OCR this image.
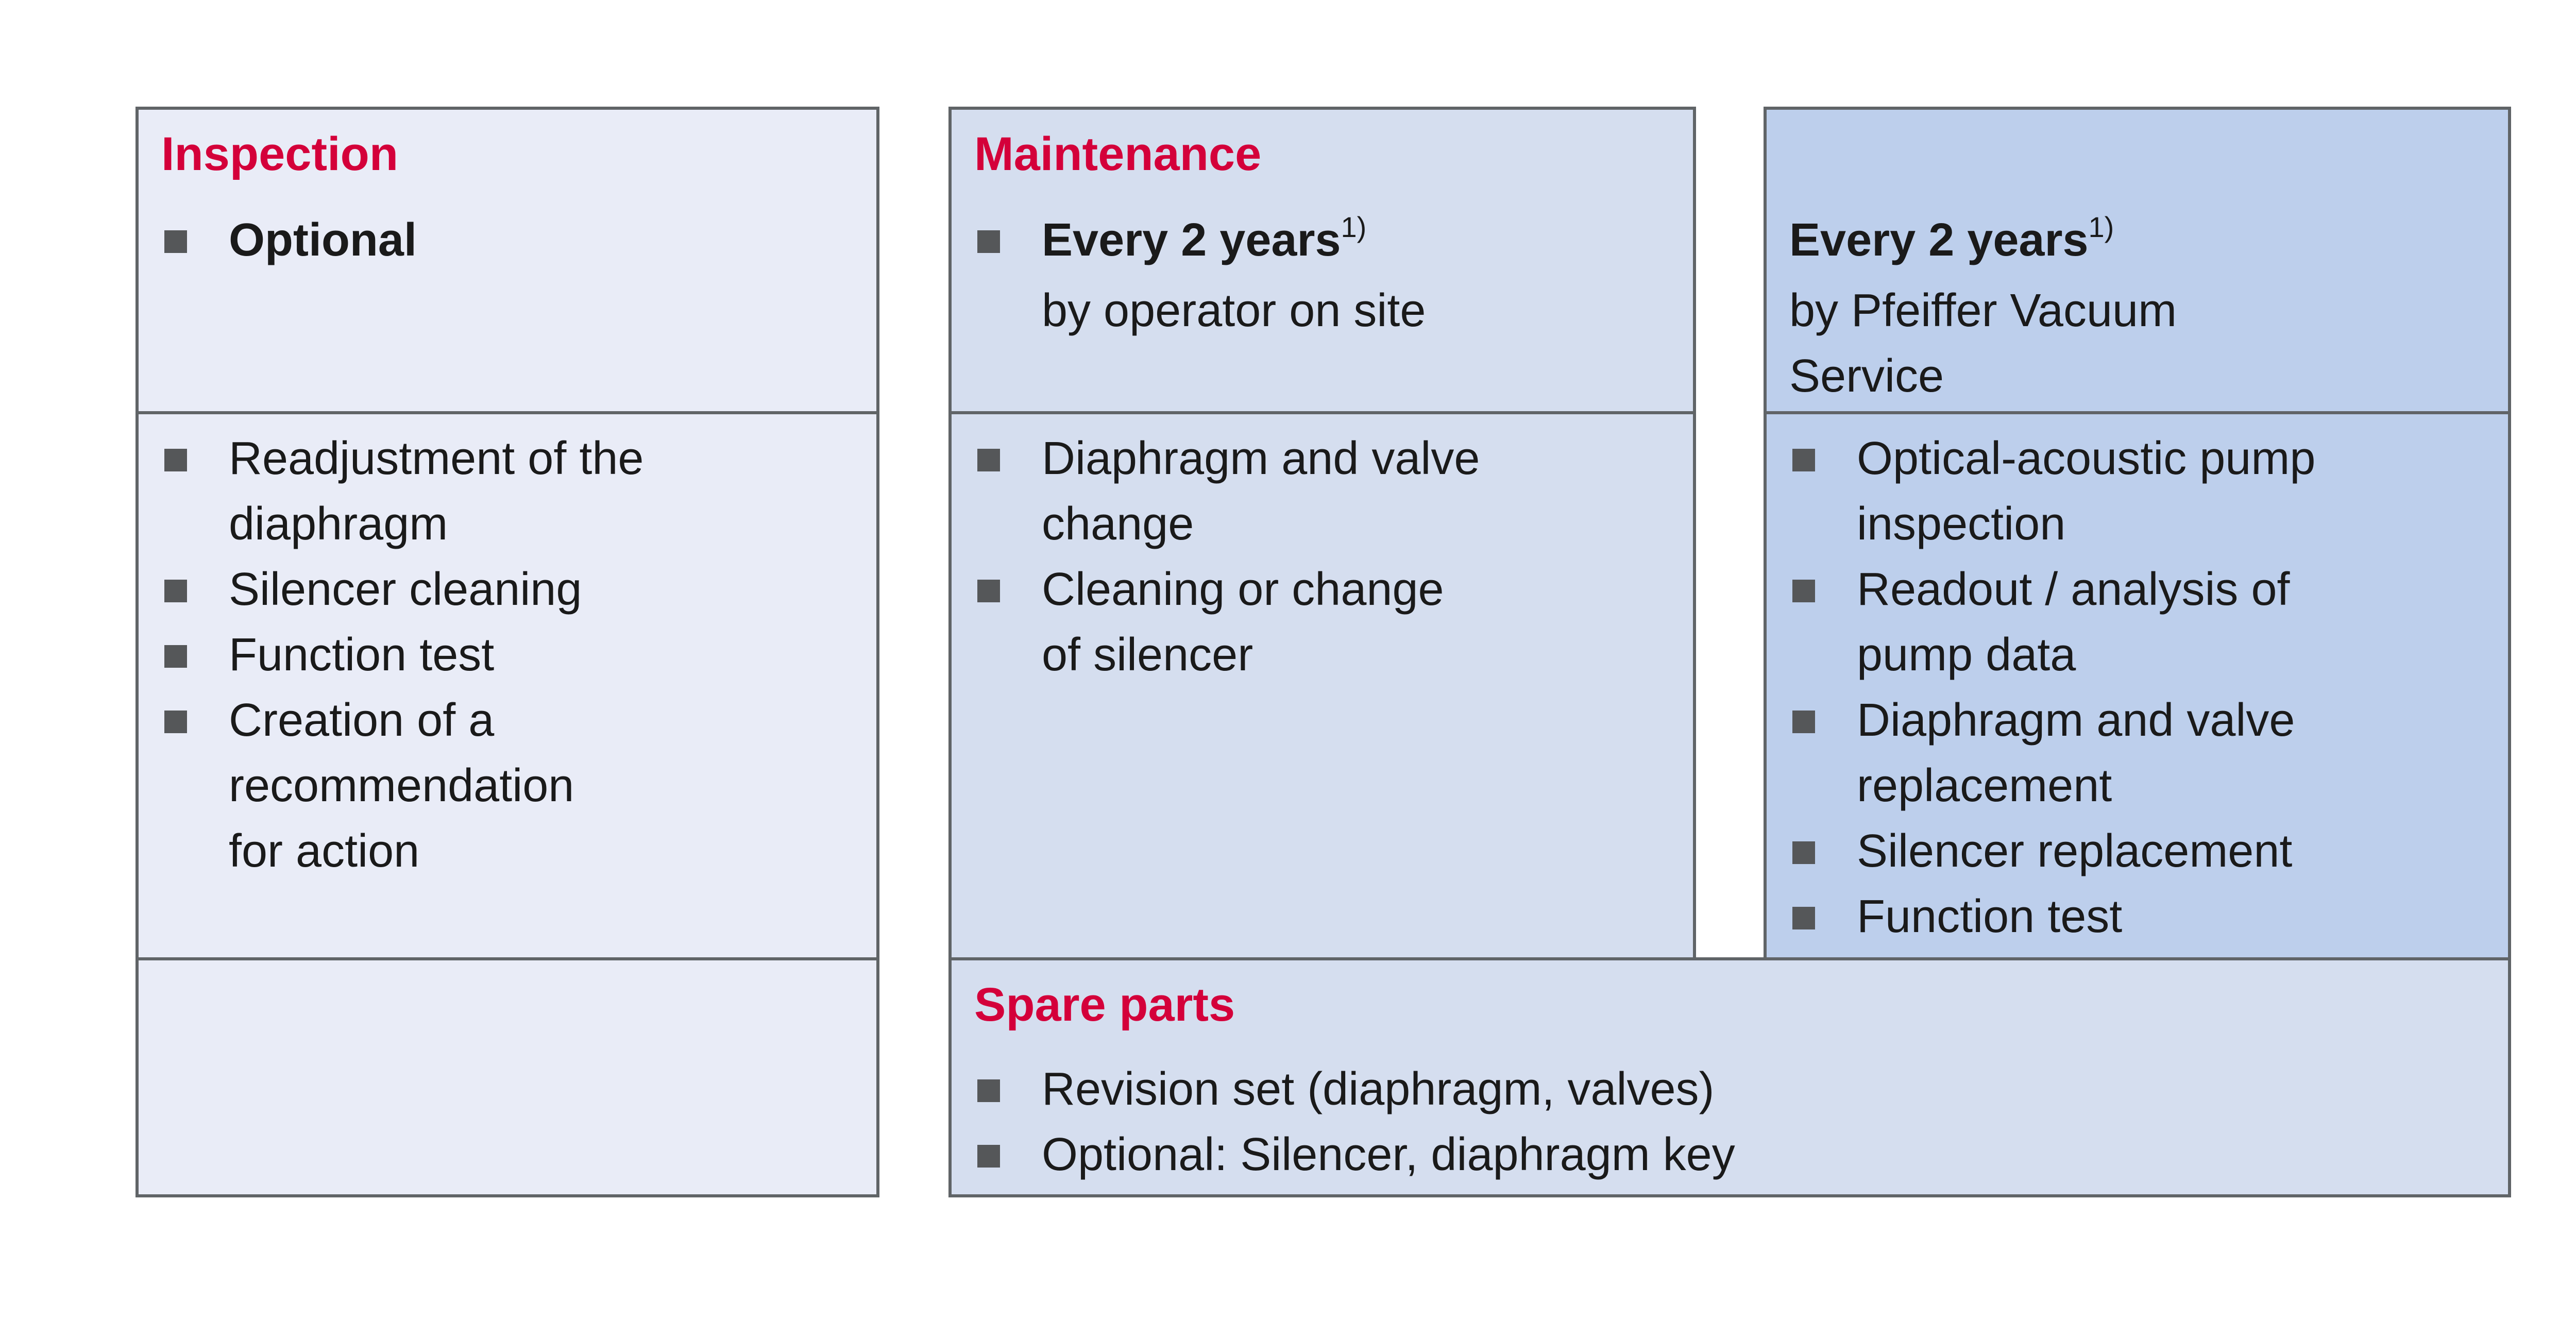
Inspection
Optional
Readjustment of the
diaphragm
Silencer cleaning
Function test
Creation of a
recommendation
for action
Maintenance
Every 2 years$^{1)}$
by operator on site
Diaphragm and valve
change
Cleaning or change
of silencer
Every 2 years$^{1)}$
by Pfeiffer Vacuum
Service
Optical-acoustic pump
inspection
Readout / analysis of
pump data
Diaphragm and valve
replacement
Silencer replacement
Function test
Spare parts
Revision set (diaphragm, valves)
Optional: Silencer, diaphragm key
